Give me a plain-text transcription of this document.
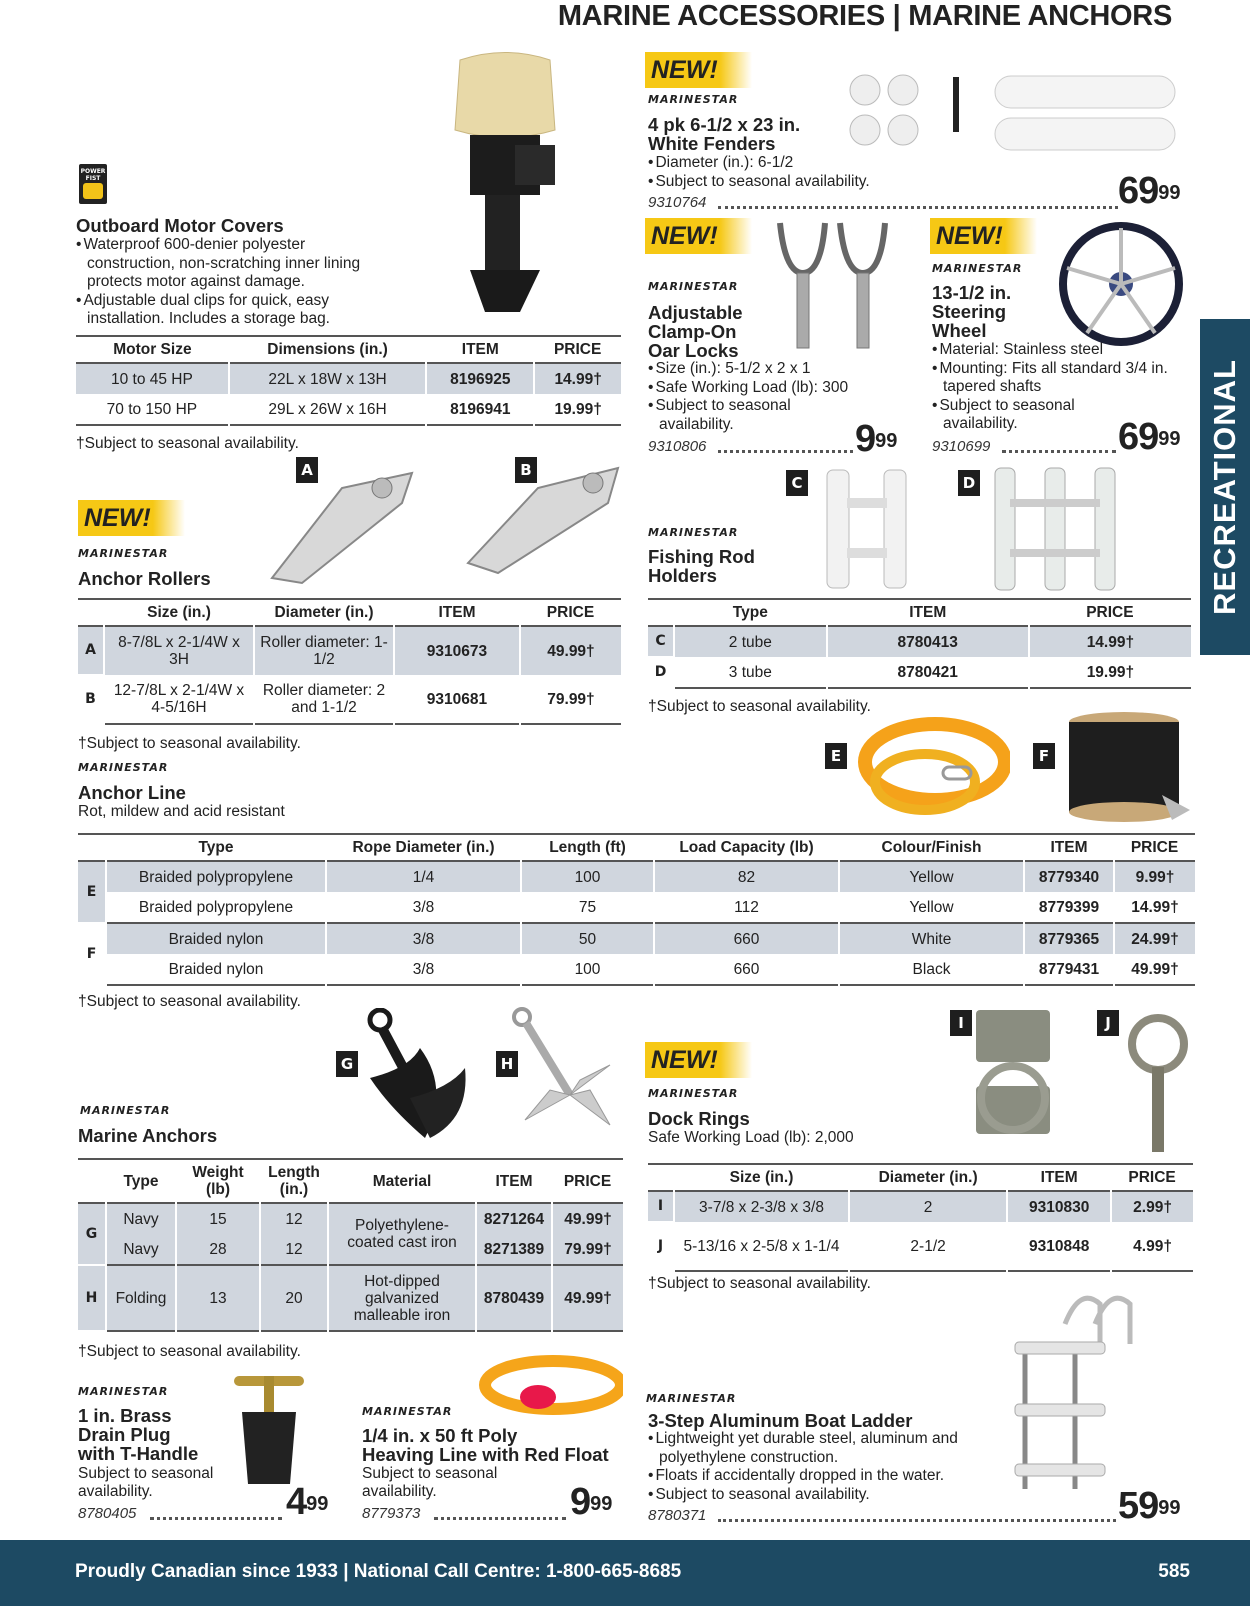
MARINE ACCESSORIES | MARINE ANCHORS
RECREATIONAL
POWER
FIST
Outboard Motor Covers
• Waterproof 600-denier polyester construction, non-scratching inner lining protects motor against damage.
• Adjustable dual clips for quick, easy installation. Includes a storage bag.
Motor Size	Dimensions (in.)	ITEM	PRICE
10 to 45 HP	22L x 18W x 13H	8196925	14.99†
70 to 150 HP	29L x 26W x 16H	8196941	19.99†
†Subject to seasonal availability.
NEW!
MARINESTAR
4 pk 6-1/2 x 23 in.
White Fenders
• Diameter (in.): 6-1/2
• Subject to seasonal availability.
9310764	$69^{99}$
NEW!
MARINESTAR
Adjustable
Clamp-On
Oar Locks
• Size (in.): 5-1/2 x 2 x 1
• Safe Working Load (lb): 300
• Subject to seasonal availability.
9310806	$9^{99}$
NEW!
MARINESTAR
13-1/2 in.
Steering
Wheel
• Material: Stainless steel
• Mounting: Fits all standard 3/4 in. tapered shafts
• Subject to seasonal availability.
9310699	$69^{99}$
A	B
NEW!
MARINESTAR
Anchor Rollers
	Size (in.)	Diameter (in.)	ITEM	PRICE
A	8-7/8L x 2-1/4W x 3H	Roller diameter: 1-1/2	9310673	49.99†
B	12-7/8L x 2-1/4W x 4-5/16H	Roller diameter: 2 and 1-1/2	9310681	79.99†
†Subject to seasonal availability.
C	D
MARINESTAR
Fishing Rod
Holders
	Type	ITEM	PRICE
C	2 tube	8780413	14.99†
D	3 tube	8780421	19.99†
†Subject to seasonal availability.
E	F
MARINESTAR
Anchor Line
Rot, mildew and acid resistant
	Type	Rope Diameter (in.)	Length (ft)	Load Capacity (lb)	Colour/Finish	ITEM	PRICE
E	Braided polypropylene	1/4	100	82	Yellow	8779340	9.99†
	Braided polypropylene	3/8	75	112	Yellow	8779399	14.99†
F	Braided nylon	3/8	50	660	White	8779365	24.99†
	Braided nylon	3/8	100	660	Black	8779431	49.99†
†Subject to seasonal availability.
G	H
MARINESTAR
Marine Anchors
	Type	Weight (lb)	Length (in.)	Material	ITEM	PRICE
G	Navy	15	12	Polyethylene-coated cast iron	8271264	49.99†
	Navy	28	12		8271389	79.99†
H	Folding	13	20	Hot-dipped galvanized malleable iron	8780439	49.99†
†Subject to seasonal availability.
I	J
NEW!
MARINESTAR
Dock Rings
Safe Working Load (lb): 2,000
	Size (in.)	Diameter (in.)	ITEM	PRICE
I	3-7/8 x 2-3/8 x 3/8	2	9310830	2.99†
J	5-13/16 x 2-5/8 x 1-1/4	2-1/2	9310848	4.99†
†Subject to seasonal availability.
MARINESTAR
1 in. Brass
Drain Plug
with T-Handle
Subject to seasonal availability.
8780405	$4^{99}$
MARINESTAR
1/4 in. x 50 ft Poly
Heaving Line with Red Float
Subject to seasonal availability.
8779373	$9^{99}$
MARINESTAR
3-Step Aluminum Boat Ladder
• Lightweight yet durable steel, aluminum and polyethylene construction.
• Floats if accidentally dropped in the water.
• Subject to seasonal availability.
8780371	$59^{99}$
Proudly Canadian since 1933 | National Call Centre: 1-800-665-8685	585
